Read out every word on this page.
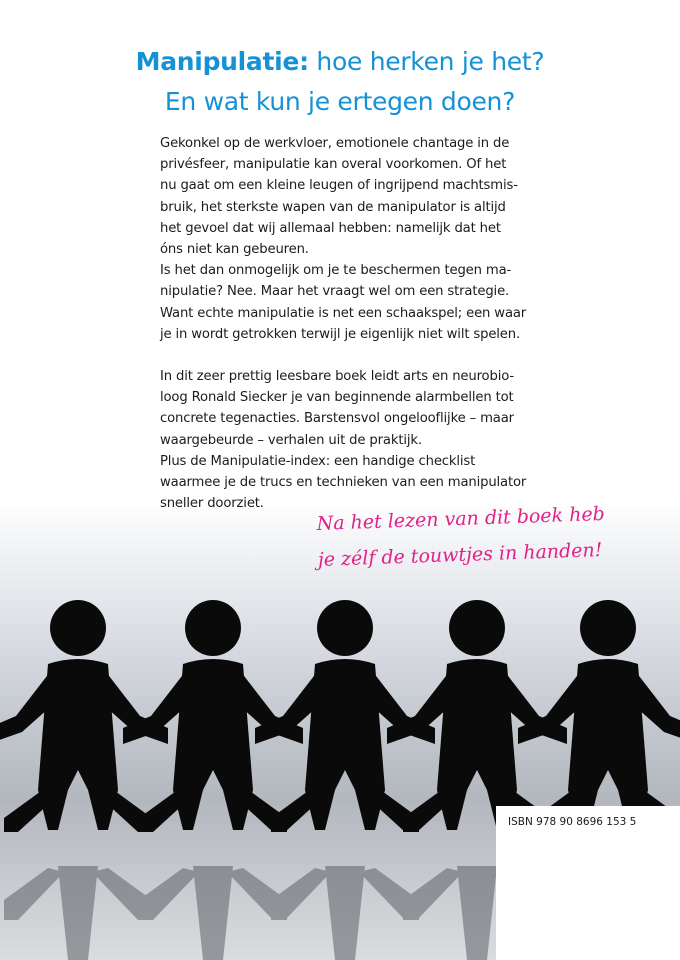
Manipulatie: hoe herken je het?
En wat kun je ertegen doen?
Gekonkel op de werkvloer, emotionele chantage in de
privésfeer, manipulatie kan overal voorkomen. Of het
nu gaat om een kleine leugen of ingrijpend machtsmis-
bruik, het sterkste wapen van de manipulator is altijd
het gevoel dat wij allemaal hebben: namelijk dat het
óns niet kan gebeuren.
Is het dan onmogelijk om je te beschermen tegen ma-
nipulatie? Nee. Maar het vraagt wel om een strategie.
Want echte manipulatie is net een schaakspel; een waar
je in wordt getrokken terwijl je eigenlijk niet wilt spelen.
In dit zeer prettig leesbare boek leidt arts en neurobio-
loog Ronald Siecker je van beginnende alarmbellen tot
concrete tegenacties. Barstensvol ongelooflijke – maar
waargebeurde – verhalen uit de praktijk.
Plus de Manipulatie-index: een handige checklist
waarmee je de trucs en technieken van een manipulator
sneller doorziet.	Na het lezen van dit boek heb
je zélf de touwtjes in handen!
ISBN 978 90 8696 153 5
